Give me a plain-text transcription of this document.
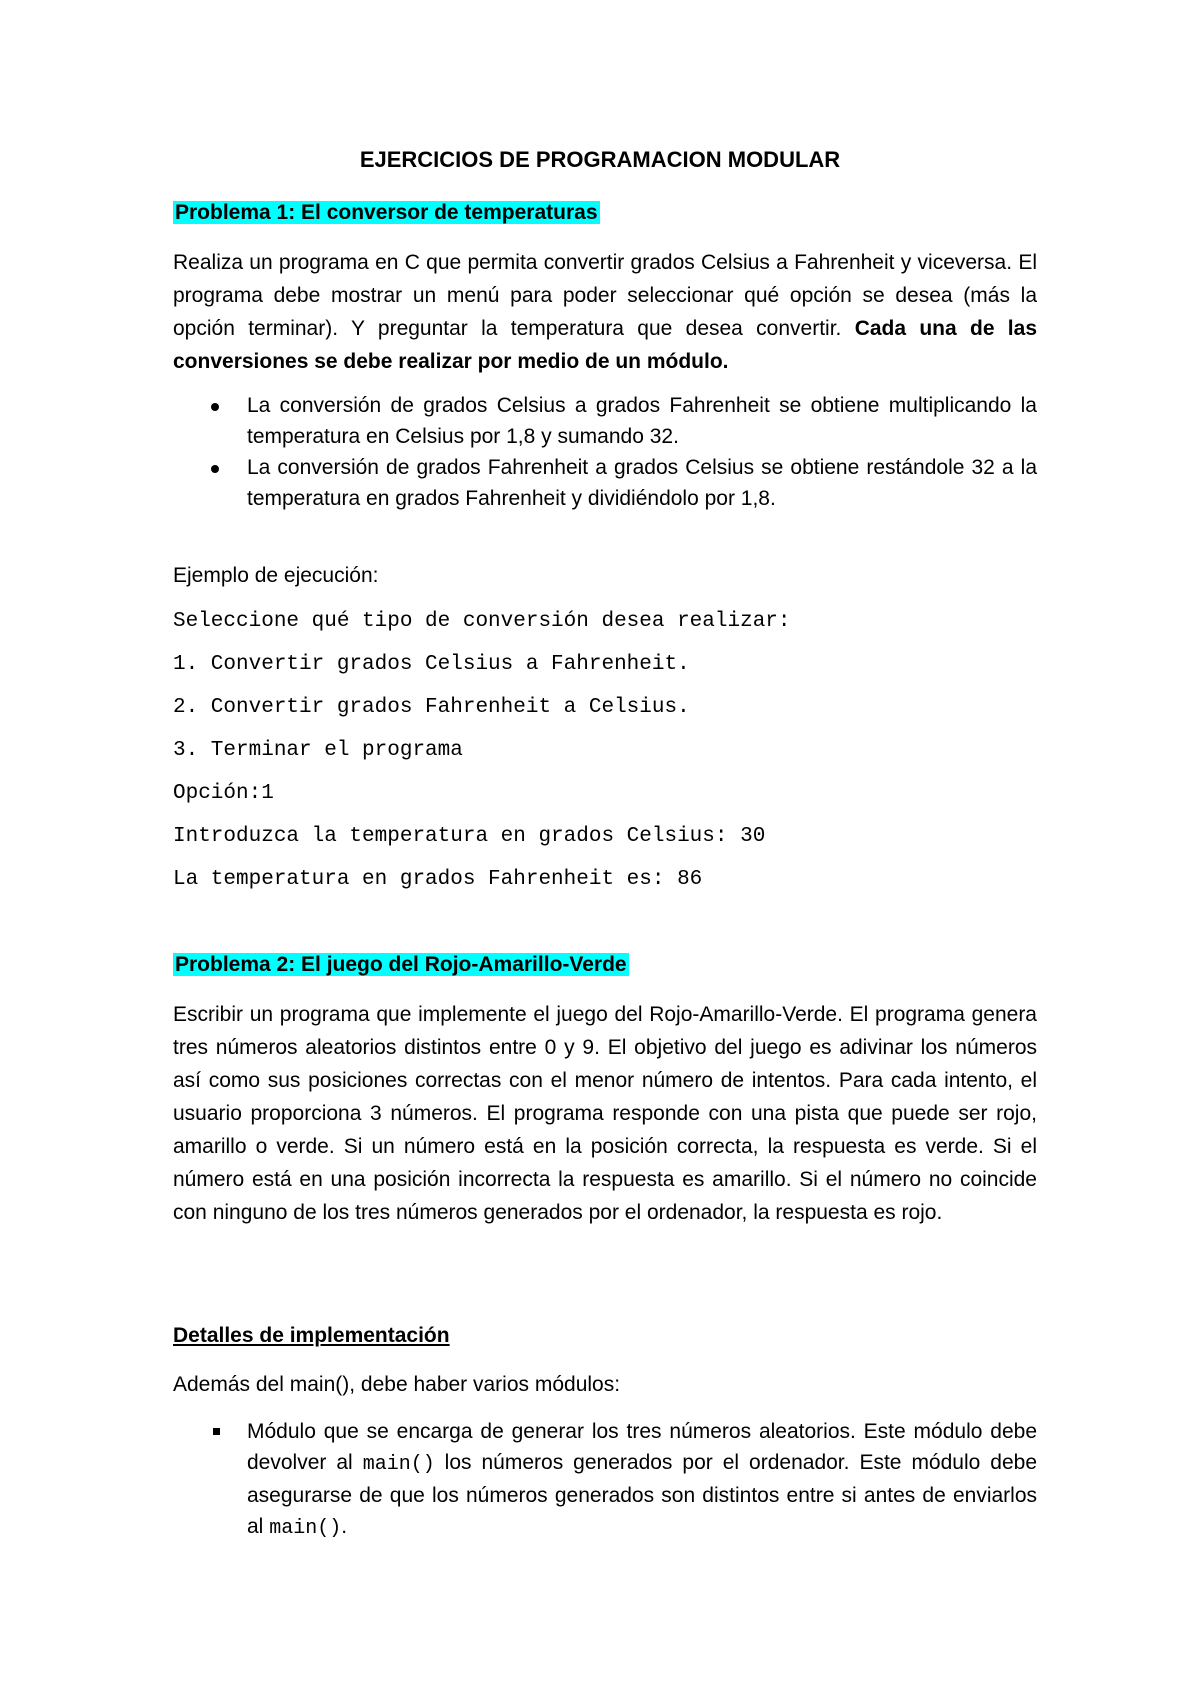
EJERCICIOS DE PROGRAMACION MODULAR
Problema 1: El conversor de temperaturas
Realiza un programa en C que permita convertir grados Celsius a Fahrenheit y viceversa. El programa debe mostrar un menú para poder seleccionar qué opción se desea (más la opción terminar). Y preguntar la temperatura que desea convertir. Cada una de las conversiones se debe realizar por medio de un módulo.
La conversión de grados Celsius a grados Fahrenheit se obtiene multiplicando la temperatura en Celsius por 1,8 y sumando 32.
La conversión de grados Fahrenheit a grados Celsius se obtiene restándole 32 a la temperatura en grados Fahrenheit y dividiéndolo por 1,8.
Ejemplo de ejecución:
Seleccione qué tipo de conversión desea realizar:
1. Convertir grados Celsius a Fahrenheit.
2. Convertir grados Fahrenheit a Celsius.
3. Terminar el programa
Opción:1
Introduzca la temperatura en grados Celsius: 30
La temperatura en grados Fahrenheit es: 86
Problema 2: El juego del Rojo-Amarillo-Verde
Escribir un programa que implemente el juego del Rojo-Amarillo-Verde. El programa genera tres números aleatorios distintos entre 0 y 9. El objetivo del juego es adivinar los números así como sus posiciones correctas con el menor número de intentos. Para cada intento, el usuario proporciona 3 números. El programa responde con una pista que puede ser rojo, amarillo o verde. Si un número está en la posición correcta, la respuesta es verde. Si el número está en una posición incorrecta la respuesta es amarillo. Si el número no coincide con ninguno de los tres números generados por el ordenador, la respuesta es rojo.
Detalles de implementación
Además del main(), debe haber varios módulos:
Módulo que se encarga de generar los tres números aleatorios. Este módulo debe devolver al main() los números generados por el ordenador. Este módulo debe asegurarse de que los números generados son distintos entre si antes de enviarlos al main().
